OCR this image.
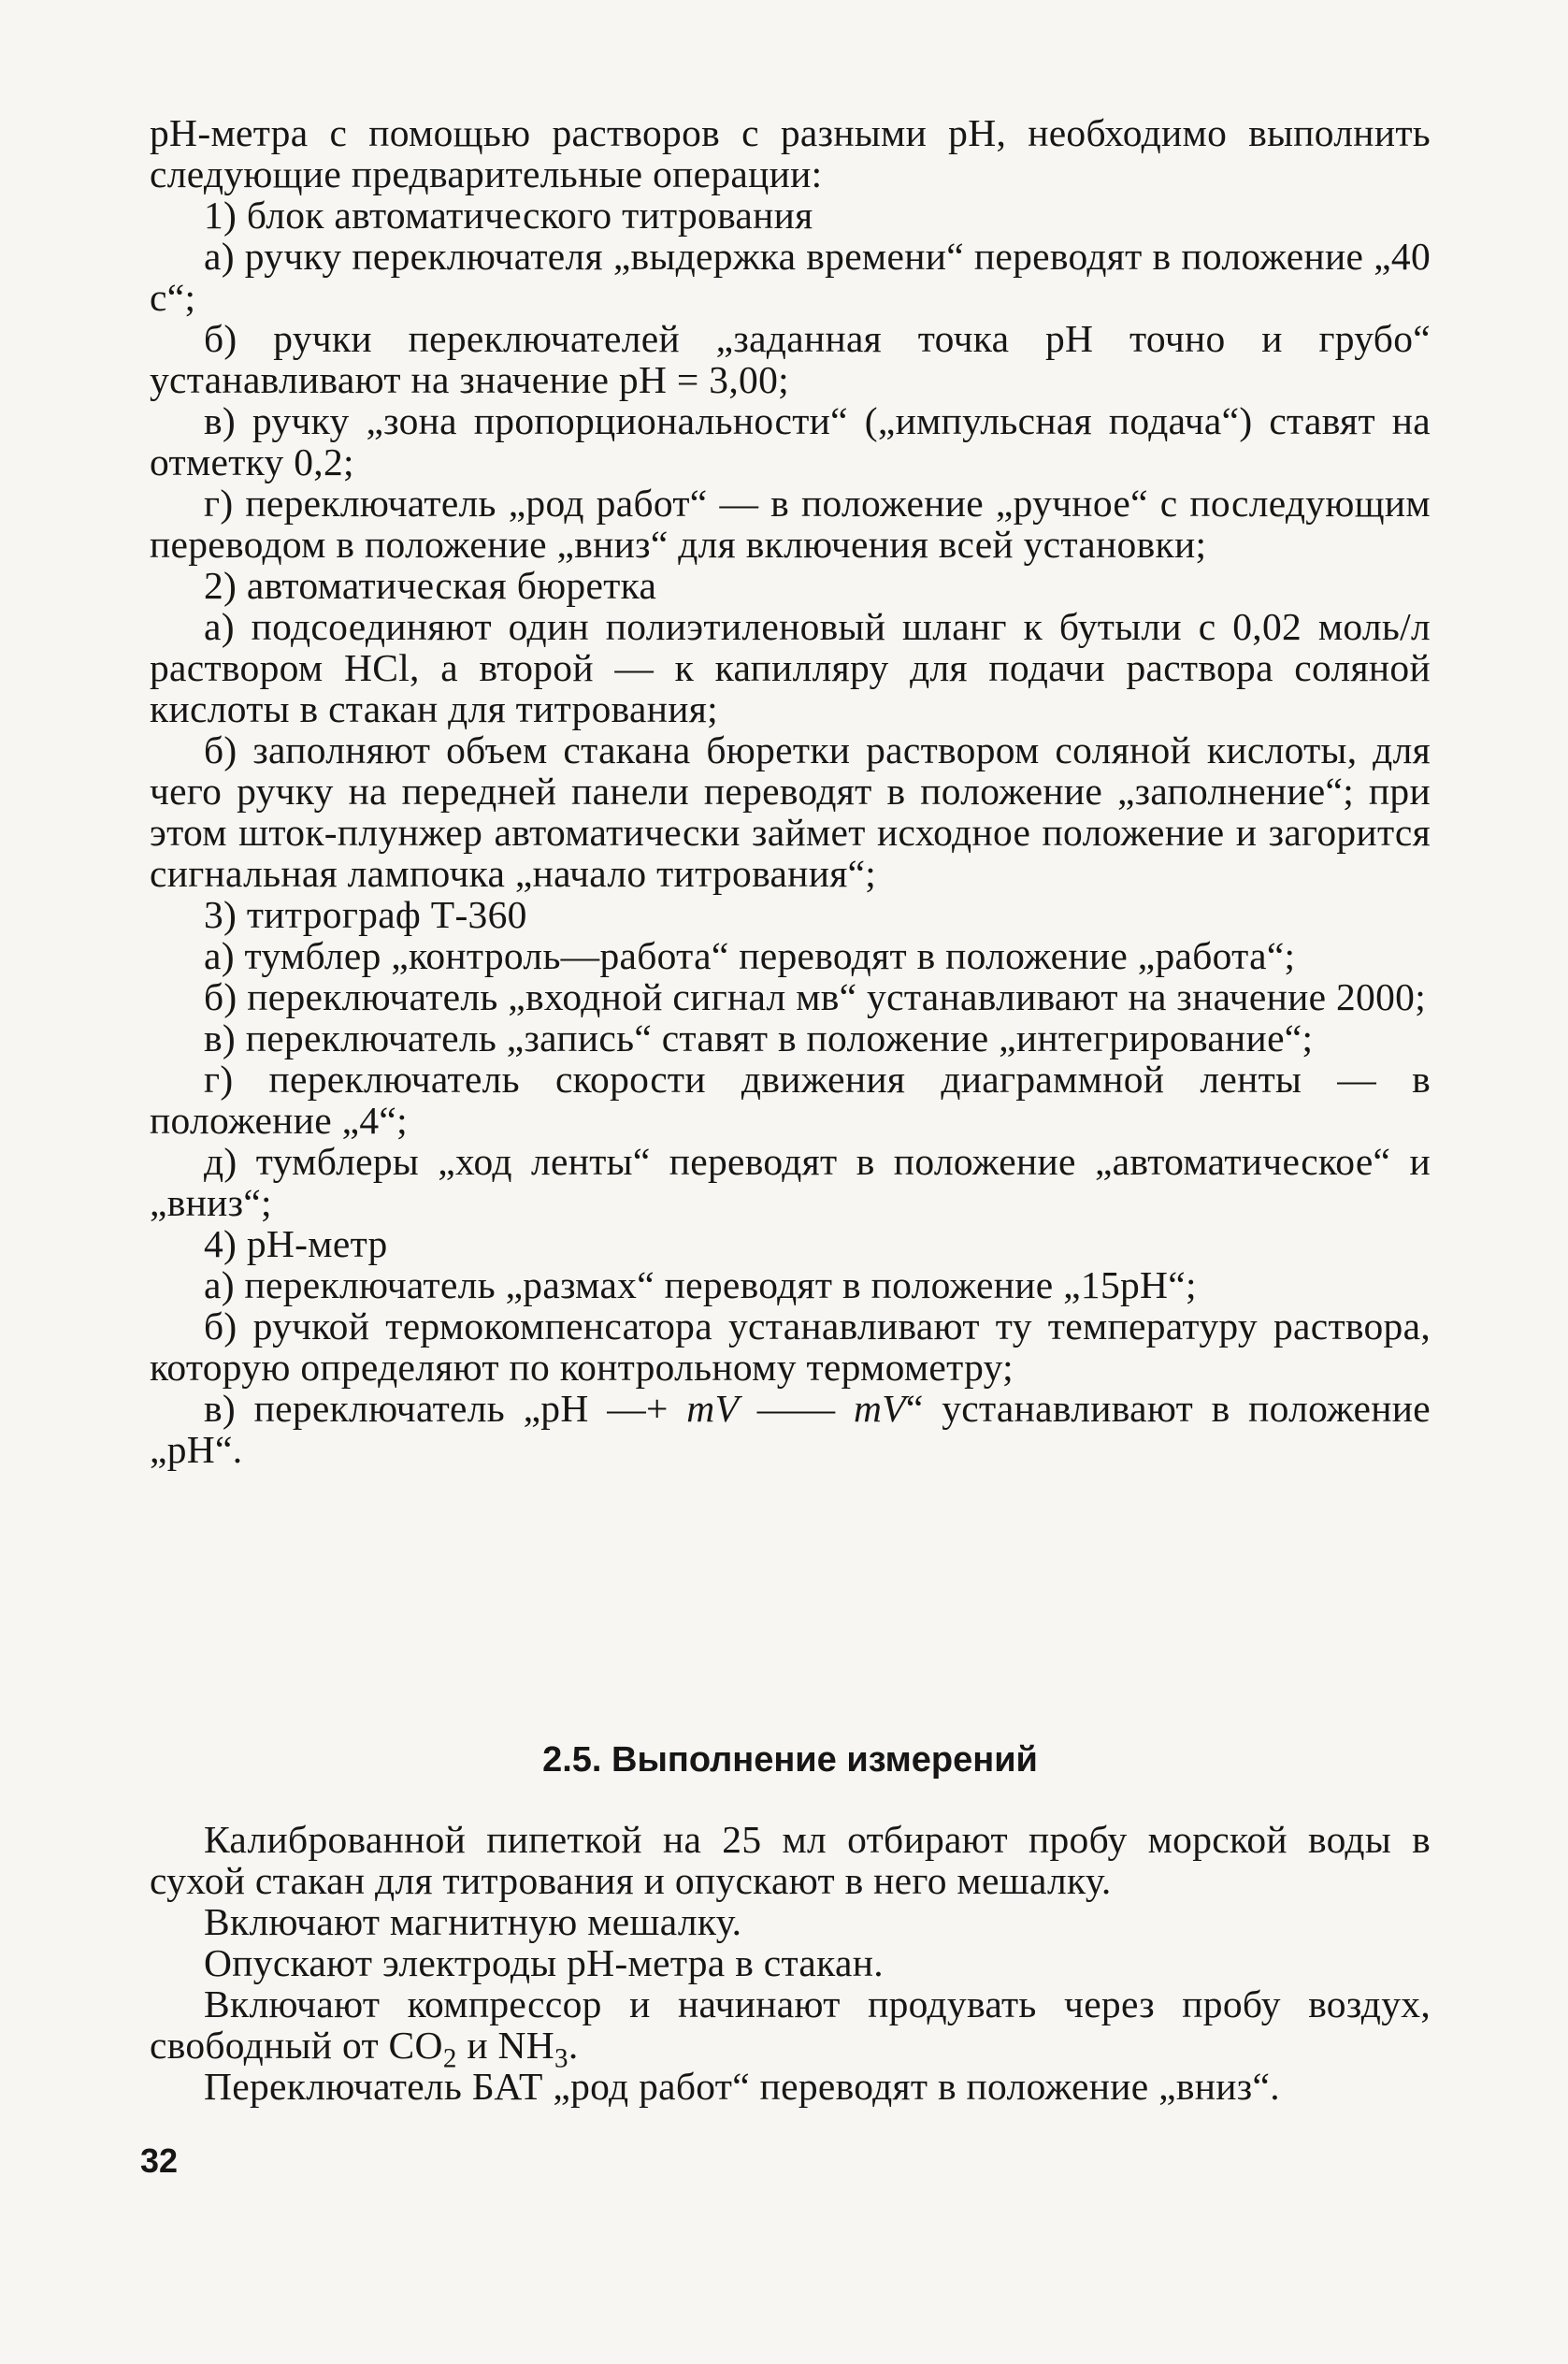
pH-метра с помощью растворов с разными pH, необходимо выполнить следующие предварительные операции:

1) блок автоматического титрования

а) ручку переключателя „выдержка времени“ переводят в положение „40 с“;

б) ручки переключателей „заданная точка pH точно и грубо“ устанавливают на значение pH = 3,00;

в) ручку „зона пропорциональности“ („импульсная подача“) ставят на отметку 0,2;

г) переключатель „род работ“ — в положение „ручное“ с последующим переводом в положение „вниз“ для включения всей установки;

2) автоматическая бюретка

а) подсоединяют один полиэтиленовый шланг к бутыли с 0,02 моль/л раствором HCl, а второй — к капилляру для подачи раствора соляной кислоты в стакан для титрования;

б) заполняют объем стакана бюретки раствором соляной кислоты, для чего ручку на передней панели переводят в положение „заполнение“; при этом шток-плунжер автоматически займет исходное положение и загорится сигнальная лампочка „начало титрования“;

3) титрограф Т-360

а) тумблер „контроль—работа“ переводят в положение „работа“;

б) переключатель „входной сигнал мв“ устанавливают на значение 2000;

в) переключатель „запись“ ставят в положение „интегрирование“;

г) переключатель скорости движения диаграммной ленты — в положение „4“;

д) тумблеры „ход ленты“ переводят в положение „автоматическое“ и „вниз“;

4) pH-метр

а) переключатель „размах“ переводят в положение „15pH“;

б) ручкой термокомпенсатора устанавливают ту температуру раствора, которую определяют по контрольному термометру;

в) переключатель „pH —+ mV —— mV“ устанавливают в положение „pH“.

2.5. Выполнение измерений

Калиброванной пипеткой на 25 мл отбирают пробу морской воды в сухой стакан для титрования и опускают в него мешалку.

Включают магнитную мешалку.

Опускают электроды pH-метра в стакан.

Включают компрессор и начинают продувать через пробу воздух, свободный от $CO_2$ и $NH_3$.

Переключатель БАТ „род работ“ переводят в положение „вниз“.

32
